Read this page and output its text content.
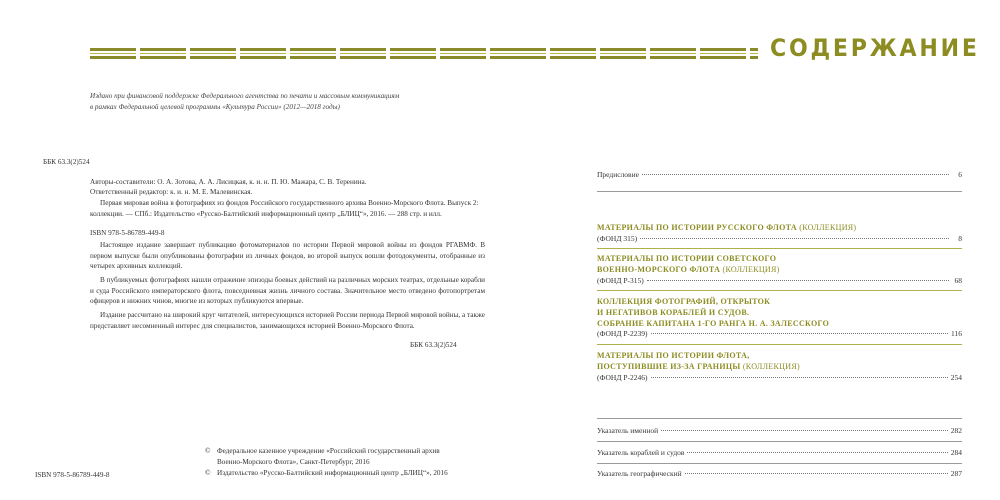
Издано при финансовой поддержке Федерального агентства по печати и массовым коммуникациям
в рамках Федеральной целевой программы «Культура России» (2012—2018 годы)
ББК 63.3(2)524
Авторы-составители: О. А. Зотова, А. А. Лисицкая, к. и. н. П. Ю. Мажара, С. В. Теренина.
Ответственный редактор: к. и. н. М. Е. Малевинская.
Первая мировая война в фотографиях из фондов Российского государственного архива Военно-Морского Флота. Выпуск 2:
коллекции. — СПб.: Издательство «Русско-Балтийский информационный центр „БЛИЦ“», 2016. — 288 стр. и илл.
ISBN 978-5-86789-449-8
Настоящее издание завершает публикацию фотоматериалов по истории Первой мировой войны из фондов РГАВМФ. В первом выпуске были опубликованы фотографии из личных фондов, во второй выпуск вошли фотодокументы, отобранные из четырех архивных коллекций.
В публикуемых фотографиях нашли отражение эпизоды боевых действий на различных морских театрах, отдельные корабли и суда Российского императорского флота, повседневная жизнь личного состава. Значительное место отведено фотопортретам офицеров и нижних чинов, многие из которых публикуются впервые.
Издание рассчитано на широкий круг читателей, интересующихся историей России периода Первой мировой войны, а также представляет несомненный интерес для специалистов, занимающихся историей Военно-Морского Флота.
ББК 63.3(2)524
© Федеральное казенное учреждение «Российский государственный архив
Военно-Морского Флота», Санкт-Петербург, 2016
© Издательство «Русско-Балтийский информационный центр „БЛИЦ“», 2016
ISBN 978-5-86789-449-8
СОДЕРЖАНИЕ
Предисловие	6
МАТЕРИАЛЫ ПО ИСТОРИИ РУССКОГО ФЛОТА (КОЛЛЕКЦИЯ)
(ФОНД 315)	8
МАТЕРИАЛЫ ПО ИСТОРИИ СОВЕТСКОГО
ВОЕННО-МОРСКОГО ФЛОТА (КОЛЛЕКЦИЯ)
(ФОНД Р-315)	68
КОЛЛЕКЦИЯ ФОТОГРАФИЙ, ОТКРЫТОК
И НЕГАТИВОВ КОРАБЛЕЙ И СУДОВ.
СОБРАНИЕ КАПИТАНА 1-ГО РАНГА Н. А. ЗАЛЕССКОГО
(ФОНД Р-2239)	116
МАТЕРИАЛЫ ПО ИСТОРИИ ФЛОТА,
ПОСТУПИВШИЕ ИЗ-ЗА ГРАНИЦЫ (КОЛЛЕКЦИЯ)
(ФОНД Р-2246)	254
Указатель именной	282
Указатель кораблей и судов	284
Указатель географический	287
